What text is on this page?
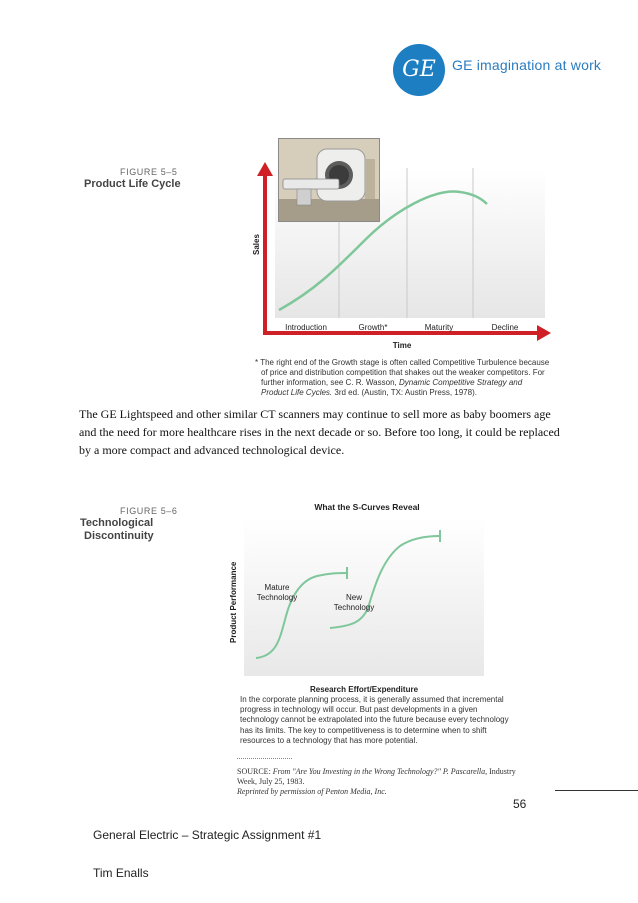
GE	GE imagination at work
FIGURE 5–5
Product Life Cycle
Sales
Introduction	Growth*	Maturity	Decline
Time
* The right end of the Growth stage is often called Competitive Turbulence because
of price and distribution competition that shakes out the weaker competitors. For
further information, see C. R. Wasson, Dynamic Competitive Strategy and
Product Life Cycles. 3rd ed. (Austin, TX: Austin Press, 1978).
The GE Lightspeed and other similar CT scanners may continue to sell more as baby boomers age and the need for more healthcare rises in the next decade or so. Before too long, it could be replaced by a more compact and advanced technological device.
FIGURE 5–6
Technological
Discontinuity
What the S-Curves Reveal
Mature
Technology	New
Technology
Product Performance
Research Effort/Expenditure
In the corporate planning process, it is generally assumed that incremental progress in technology will occur. But past developments in a given technology cannot be extrapolated into the future because every technology has its limits. The key to competitiveness is to determine when to shift resources to a technology that has more potential.
SOURCE: From "Are You Investing in the Wrong Technology?" P. Pascarella, Industry Week, July 25, 1983.
Reprinted by permission of Penton Media, Inc.
56
General Electric – Strategic Assignment #1
Tim Enalls
